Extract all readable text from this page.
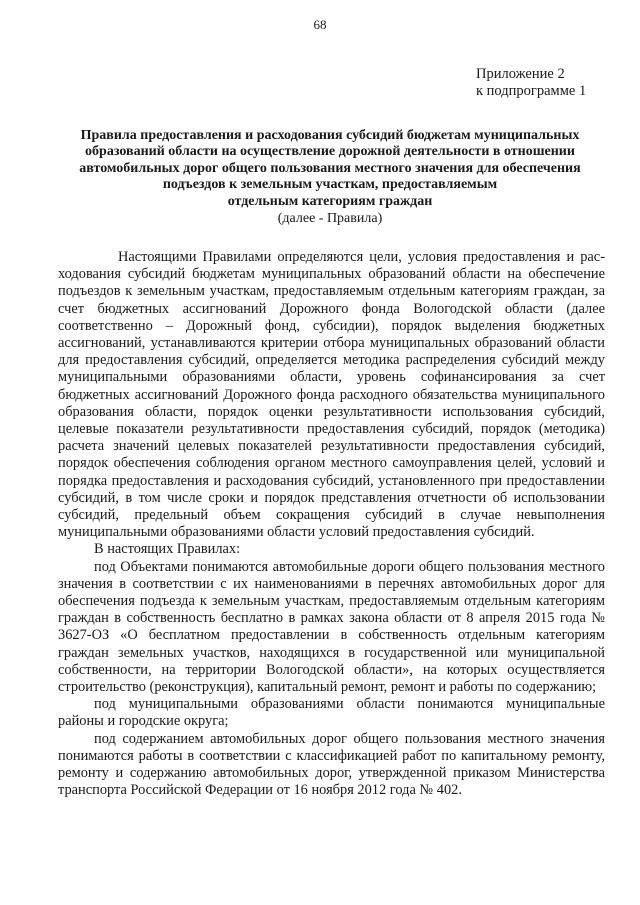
68
Приложение 2
к подпрограмме 1
Правила предоставления и расходования субсидий бюджетам муниципальных
образований области на осуществление дорожной деятельности в отношении
автомобильных дорог общего пользования местного значения для обеспечения
подъездов к земельным участкам, предоставляемым
отдельным категориям граждан
(далее - Правила)

Настоящими Правилами определяются цели, условия предоставления и расходования субсидий бюджетам муниципальных образований области на обеспечение подъездов к земельным участкам, предоставляемым отдельным категориям граждан, за счет бюджетных ассигнований Дорожного фонда Вологодской области (далее соответственно – Дорожный фонд, субсидии), порядок выделения бюджетных ассигнований, устанавливаются критерии отбора муниципальных образований области для предоставления субсидий, определяется методика распределения субсидий между муниципальными образованиями области, уровень софинансирования за счет бюджетных ассигнований Дорожного фонда расходного обязательства муниципального образования области, порядок оценки результативности использования субсидий, целевые показатели результативности предоставления субсидий, порядок (методика) расчета значений целевых показателей результативности предоставления субсидий, порядок обеспечения соблюдения органом местного самоуправления целей, условий и порядка предоставления и расходования субсидий, установленного при предоставлении субсидий, в том числе сроки и порядок представления отчетности об использовании субсидий, предельный объем сокращения субсидий в случае невыполнения муниципальными образованиями области условий предоставления субсидий.

В настоящих Правилах:

под Объектами понимаются автомобильные дороги общего пользования местного значения в соответствии с их наименованиями в перечнях автомобильных дорог для обеспечения подъезда к земельным участкам, предоставляемым отдельным категориям граждан в собственность бесплатно в рамках закона области от 8 апреля 2015 года № 3627-ОЗ «О бесплатном предоставлении в собственность отдельным категориям граждан земельных участков, находящихся в государственной или муниципальной собственности, на территории Вологодской области», на которых осуществляется строительство (реконструкция), капитальный ремонт, ремонт и работы по содержанию;

под муниципальными образованиями области понимаются муниципальные районы и городские округа;

под содержанием автомобильных дорог общего пользования местного значения понимаются работы в соответствии с классификацией работ по капитальному ремонту, ремонту и содержанию автомобильных дорог, утвержденной приказом Министерства транспорта Российской Федерации от 16 ноября 2012 года № 402.
